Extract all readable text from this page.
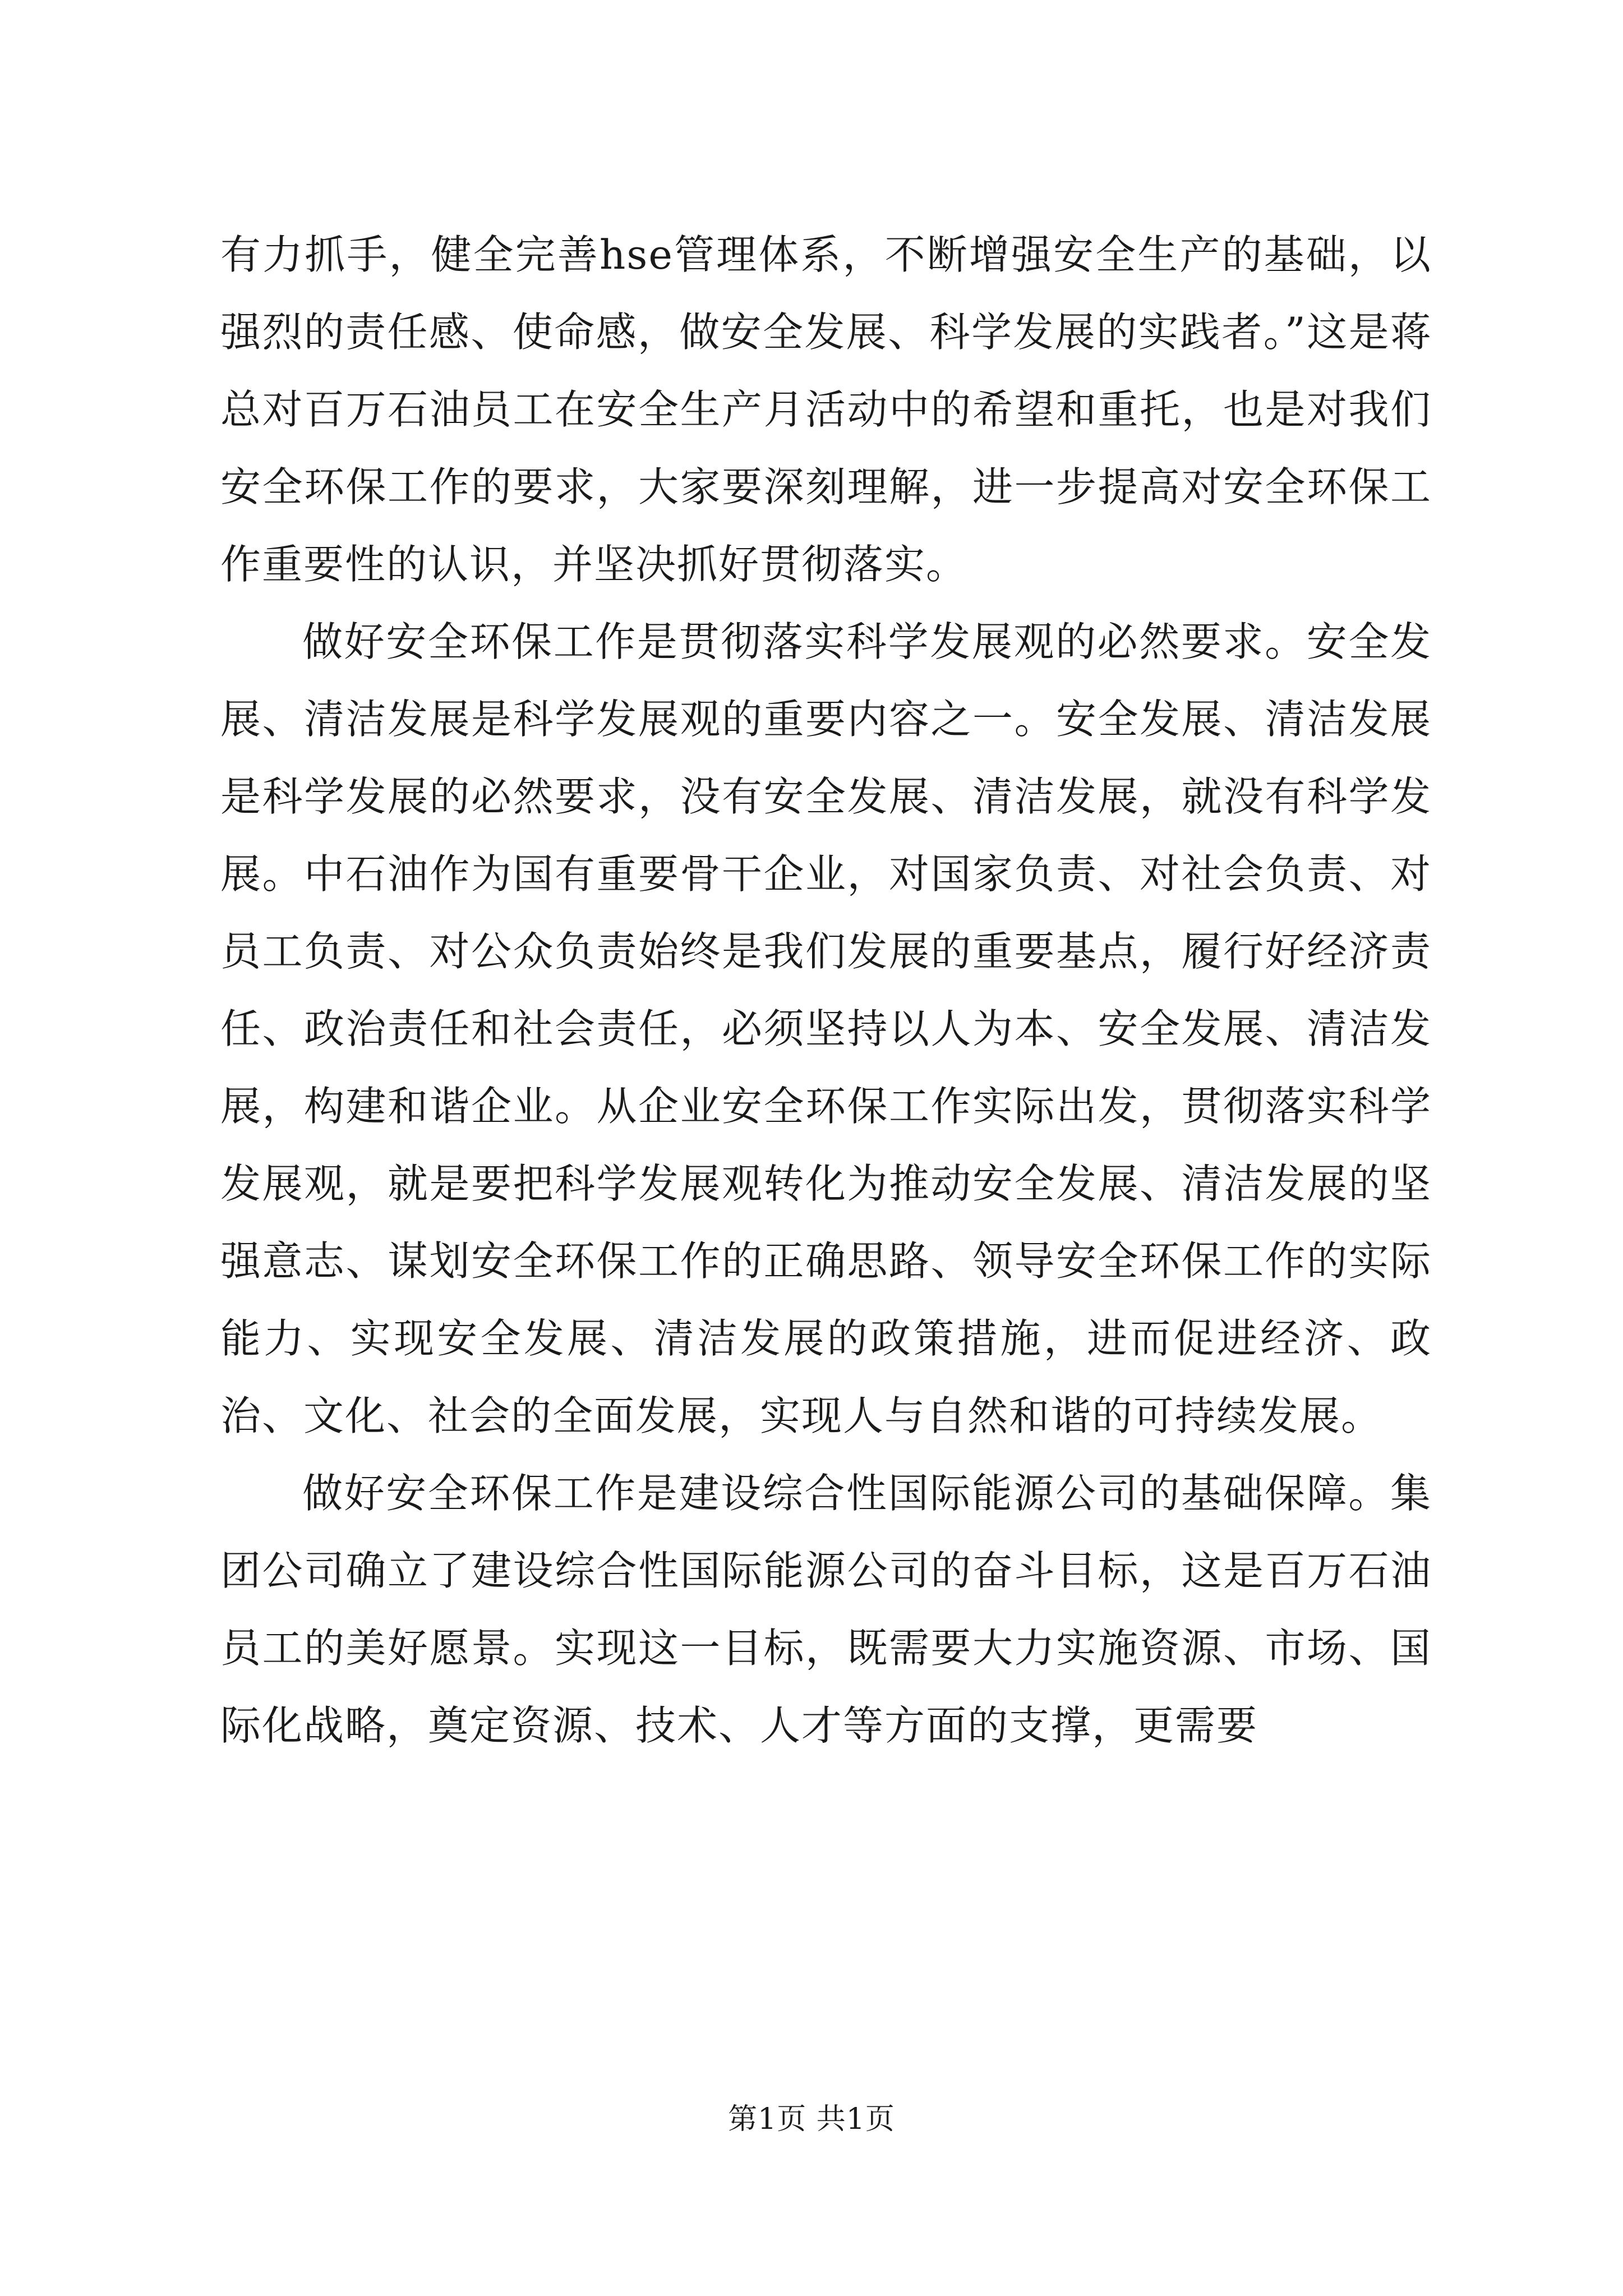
有力抓手，健全完善hse管理体系，不断增强安全生产的基础，以强烈的责任感、使命感，做安全发展、科学发展的实践者。”这是蒋总对百万石油员工在安全生产月活动中的希望和重托，也是对我们安全环保工作的要求，大家要深刻理解，进一步提高对安全环保工作重要性的认识，并坚决抓好贯彻落实。

做好安全环保工作是贯彻落实科学发展观的必然要求。安全发展、清洁发展是科学发展观的重要内容之一。安全发展、清洁发展是科学发展的必然要求，没有安全发展、清洁发展，就没有科学发展。中石油作为国有重要骨干企业，对国家负责、对社会负责、对员工负责、对公众负责始终是我们发展的重要基点，履行好经济责任、政治责任和社会责任，必须坚持以人为本、安全发展、清洁发展，构建和谐企业。从企业安全环保工作实际出发，贯彻落实科学发展观，就是要把科学发展观转化为推动安全发展、清洁发展的坚强意志、谋划安全环保工作的正确思路、领导安全环保工作的实际能力、实现安全发展、清洁发展的政策措施，进而促进经济、政治、文化、社会的全面发展，实现人与自然和谐的可持续发展。

做好安全环保工作是建设综合性国际能源公司的基础保障。集团公司确立了建设综合性国际能源公司的奋斗目标，这是百万石油员工的美好愿景。实现这一目标，既需要大力实施资源、市场、国际化战略，奠定资源、技术、人才等方面的支撑，更需要

第1页 共1页
